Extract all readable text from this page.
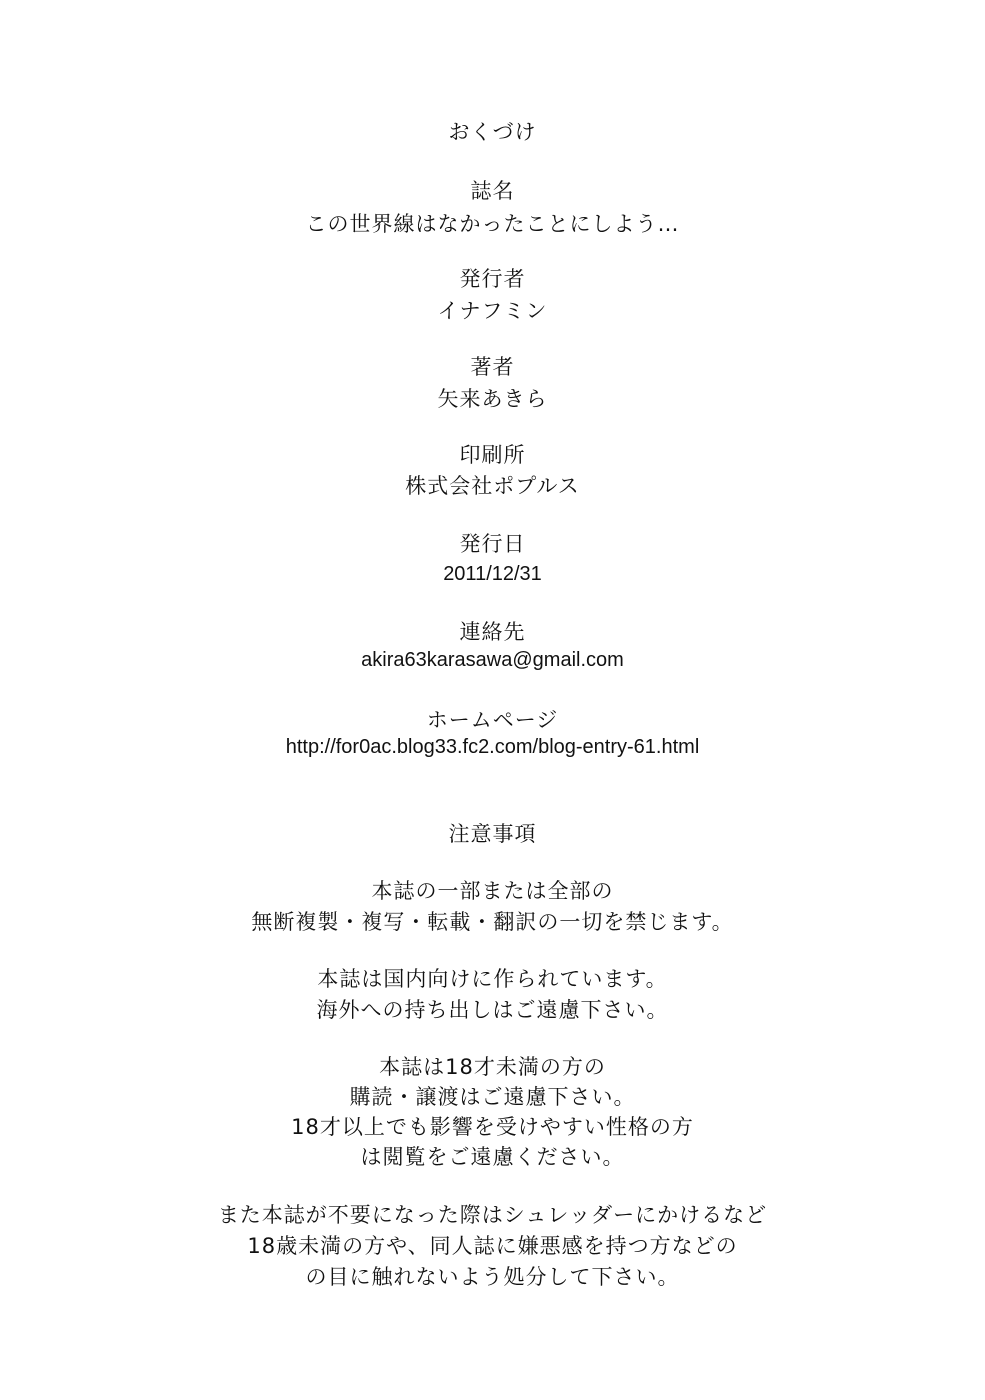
おくづけ
誌名
この世界線はなかったことにしよう…
発行者
イナフミン
著者
矢来あきら
印刷所
株式会社ポプルス
発行日
2011/12/31
連絡先
akira63karasawa@gmail.com
ホームページ
http://for0ac.blog33.fc2.com/blog-entry-61.html
注意事項
本誌の一部または全部の
無断複製・複写・転載・翻訳の一切を禁じます。
本誌は国内向けに作られています。
海外への持ち出しはご遠慮下さい。
本誌は18才未満の方の
購読・譲渡はご遠慮下さい。
18才以上でも影響を受けやすい性格の方
は閲覧をご遠慮ください。
また本誌が不要になった際はシュレッダーにかけるなど
18歳未満の方や、同人誌に嫌悪感を持つ方などの
の目に触れないよう処分して下さい。
